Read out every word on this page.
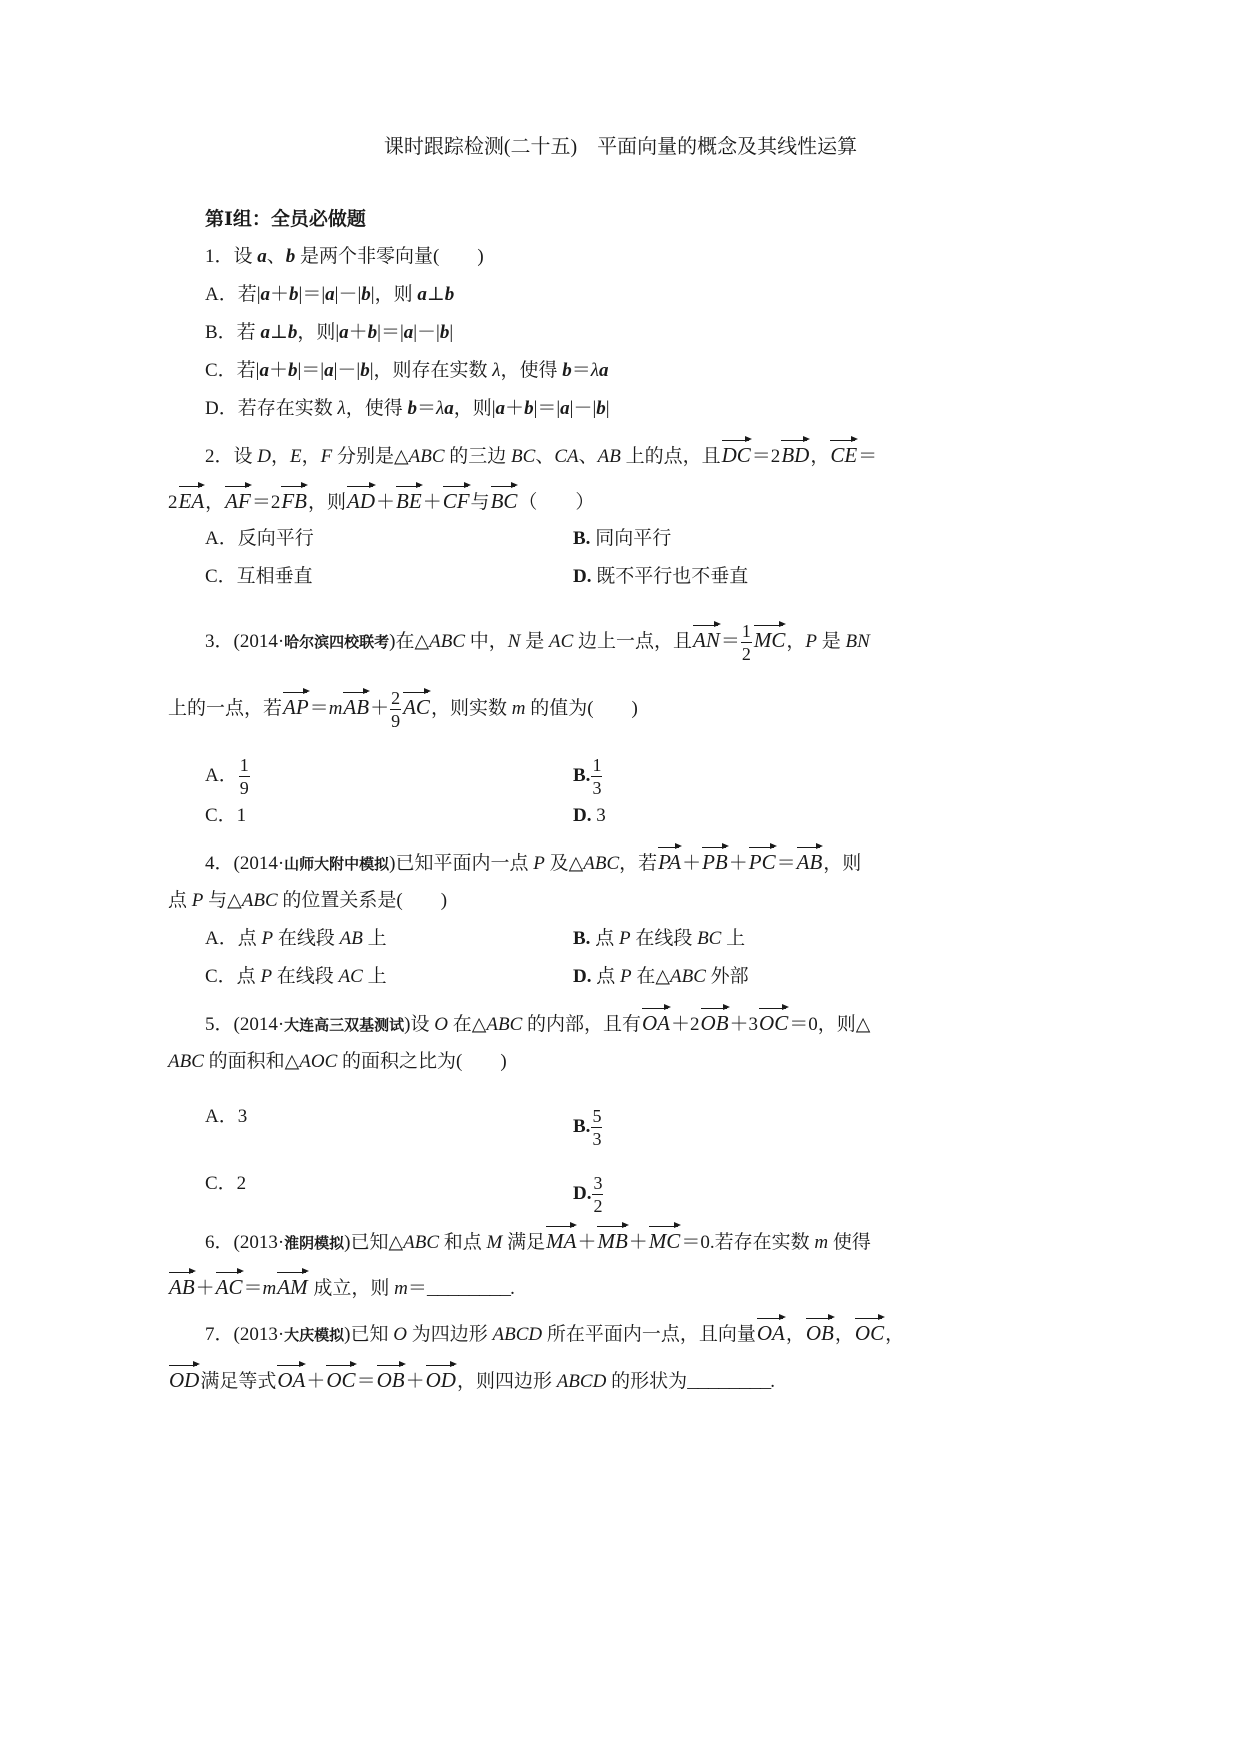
课时跟踪检测(二十五)　平面向量的概念及其线性运算
第Ⅰ组：全员必做题
1．设 a、b 是两个非零向量(　　)
A．若|a＋b|＝|a|－|b|，则 a⊥b
B．若 a⊥b，则|a＋b|＝|a|－|b|
C．若|a＋b|＝|a|－|b|，则存在实数 λ，使得 b＝λa
D．若存在实数 λ，使得 b＝λa，则|a＋b|＝|a|－|b|
2．设 D，E，F 分别是△ABC 的三边 BC、CA、AB 上的点，且DC＝2BD，CE＝
2EA，AF＝2FB，则AD＋BE＋CF与BC（　　）
A．反向平行	B. 同向平行
C．互相垂直	D. 既不平行也不垂直
3．(2014·哈尔滨四校联考)在△ABC 中，N 是 AC 边上一点，且$AN= \frac{1}{2}$ MC，P 是 BN
上的一点，若$AP=mAB+ \frac{2}{9}$ AC，则实数 m 的值为(　　)
A． $\frac{1}{9}$	B. $\frac{1}{3}$
C．1	D. 3
4．(2014·山师大附中模拟)已知平面内一点 P 及△ABC，若PA＋PB＋PC＝AB，则
点 P 与△ABC 的位置关系是(　　)
A．点 P 在线段 AB 上	B. 点 P 在线段 BC 上
C．点 P 在线段 AC 上	D. 点 P 在△ABC 外部
5．(2014·大连高三双基测试)设 O 在△ABC 的内部，且有OA＋2OB＋3OC＝0，则△
ABC 的面积和△AOC 的面积之比为(　　)
A．3	B. $\frac{5}{3}$
C．2	D. $\frac{3}{2}$
6．(2013·淮阴模拟)已知△ABC 和点 M 满足MA＋MB＋MC＝0.若存在实数 m 使得
AB＋AC＝mAM 成立，则 m＝________.
7．(2013·大庆模拟)已知 O 为四边形 ABCD 所在平面内一点，且向量OA，OB，OC，
OD满足等式OA＋OC＝OB＋OD，则四边形 ABCD 的形状为________.
